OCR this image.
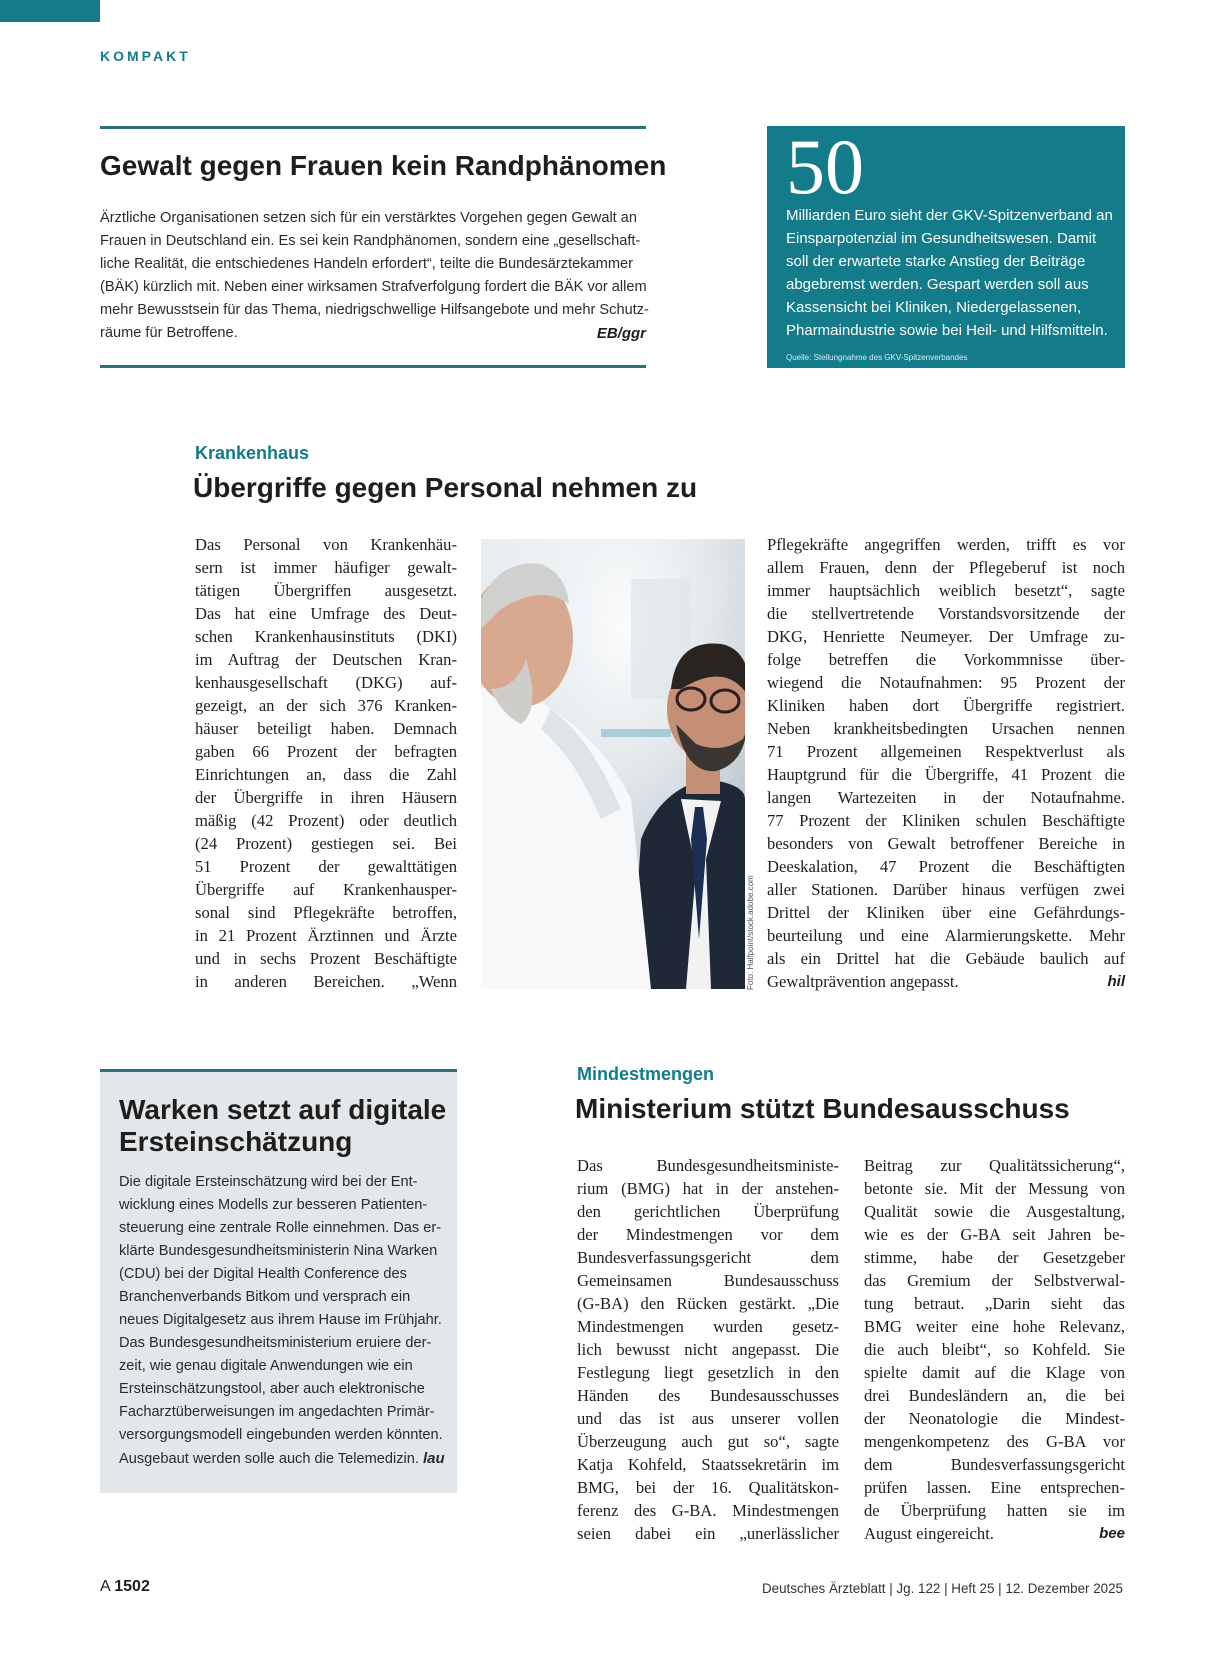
KOMPAKT
Gewalt gegen Frauen kein Randphänomen
Ärztliche Organisationen setzen sich für ein verstärktes Vorgehen gegen Gewalt an
Frauen in Deutschland ein. Es sei kein Randphänomen, sondern eine „gesellschaft-
liche Realität, die entschiedenes Handeln erfordert“, teilte die Bundesärztekammer
(BÄK) kürzlich mit. Neben einer wirksamen Strafverfolgung fordert die BÄK vor allem
mehr Bewusstsein für das Thema, niedrigschwellige Hilfsangebote und mehr Schutz-
räume für Betroffene.	EB/ggr
50
Milliarden Euro sieht der GKV-Spitzenverband an
Einsparpotenzial im Gesundheitswesen. Damit
soll der erwartete starke Anstieg der Beiträge
abgebremst werden. Gespart werden soll aus
Kassensicht bei Kliniken, Niedergelassenen,
Pharmaindustrie sowie bei Heil- und Hilfsmitteln.
Quelle: Stellungnahme des GKV-Spitzenverbandes
Krankenhaus
Übergriffe gegen Personal nehmen zu
Das Personal von Krankenhäu-
sern ist immer häufiger gewalt-
tätigen Übergriffen ausgesetzt.
Das hat eine Umfrage des Deut-
schen Krankenhausinstituts (DKI)
im Auftrag der Deutschen Kran-
kenhausgesellschaft (DKG) auf-
gezeigt, an der sich 376 Kranken-
häuser beteiligt haben. Demnach
gaben 66 Prozent der befragten
Einrichtungen an, dass die Zahl
der Übergriffe in ihren Häusern
mäßig (42 Prozent) oder deutlich
(24 Prozent) gestiegen sei. Bei
51 Prozent der gewalttätigen
Übergriffe auf Krankenhausper-
sonal sind Pflegekräfte betroffen,
in 21 Prozent Ärztinnen und Ärzte
und in sechs Prozent Beschäftigte
in anderen Bereichen. „Wenn	Foto: Halfpoint/stock.adobe.com
Pflegekräfte angegriffen werden, trifft es vor
allem Frauen, denn der Pflegeberuf ist noch
immer hauptsächlich weiblich besetzt“, sagte
die stellvertretende Vorstandsvorsitzende der
DKG, Henriette Neumeyer. Der Umfrage zu-
folge betreffen die Vorkommnisse über-
wiegend die Notaufnahmen: 95 Prozent der
Kliniken haben dort Übergriffe registriert.
Neben krankheitsbedingten Ursachen nennen
71 Prozent allgemeinen Respektverlust als
Hauptgrund für die Übergriffe, 41 Prozent die
langen Wartezeiten in der Notaufnahme.
77 Prozent der Kliniken schulen Beschäftigte
besonders von Gewalt betroffener Bereiche in
Deeskalation, 47 Prozent die Beschäftigten
aller Stationen. Darüber hinaus verfügen zwei
Drittel der Kliniken über eine Gefährdungs-
beurteilung und eine Alarmierungskette. Mehr
als ein Drittel hat die Gebäude baulich auf
Gewaltprävention angepasst.	hil
Warken setzt auf digitale
Ersteinschätzung
Die digitale Ersteinschätzung wird bei der Ent-
wicklung eines Modells zur besseren Patienten-
steuerung eine zentrale Rolle einnehmen. Das er-
klärte Bundesgesundheitsministerin Nina Warken
(CDU) bei der Digital Health Conference des
Branchenverbands Bitkom und versprach ein
neues Digitalgesetz aus ihrem Hause im Frühjahr.
Das Bundesgesundheitsministerium eruiere der-
zeit, wie genau digitale Anwendungen wie ein
Ersteinschätzungstool, aber auch elektronische
Facharztüberweisungen im angedachten Primär-
versorgungsmodell eingebunden werden könnten.
Ausgebaut werden solle auch die Telemedizin. lau
Mindestmengen
Ministerium stützt Bundesausschuss
Das Bundesgesundheitsministe-
rium (BMG) hat in der anstehen-
den gerichtlichen Überprüfung
der Mindestmengen vor dem
Bundesverfassungsgericht dem
Gemeinsamen Bundesausschuss
(G-BA) den Rücken gestärkt. „Die
Mindestmengen wurden gesetz-
lich bewusst nicht angepasst. Die
Festlegung liegt gesetzlich in den
Händen des Bundesausschusses
und das ist aus unserer vollen
Überzeugung auch gut so“, sagte
Katja Kohfeld, Staatssekretärin im
BMG, bei der 16. Qualitätskon-
ferenz des G-BA. Mindestmengen
seien dabei ein „unerlässlicher
Beitrag zur Qualitätssicherung“,
betonte sie. Mit der Messung von
Qualität sowie die Ausgestaltung,
wie es der G-BA seit Jahren be-
stimme, habe der Gesetzgeber
das Gremium der Selbstverwal-
tung betraut. „Darin sieht das
BMG weiter eine hohe Relevanz,
die auch bleibt“, so Kohfeld. Sie
spielte damit auf die Klage von
drei Bundesländern an, die bei
der Neonatologie die Mindest-
mengenkompetenz des G-BA vor
dem Bundesverfassungsgericht
prüfen lassen. Eine entsprechen-
de Überprüfung hatten sie im
August eingereicht.	bee
A 1502	Deutsches Ärzteblatt | Jg. 122 | Heft 25 | 12. Dezember 2025
